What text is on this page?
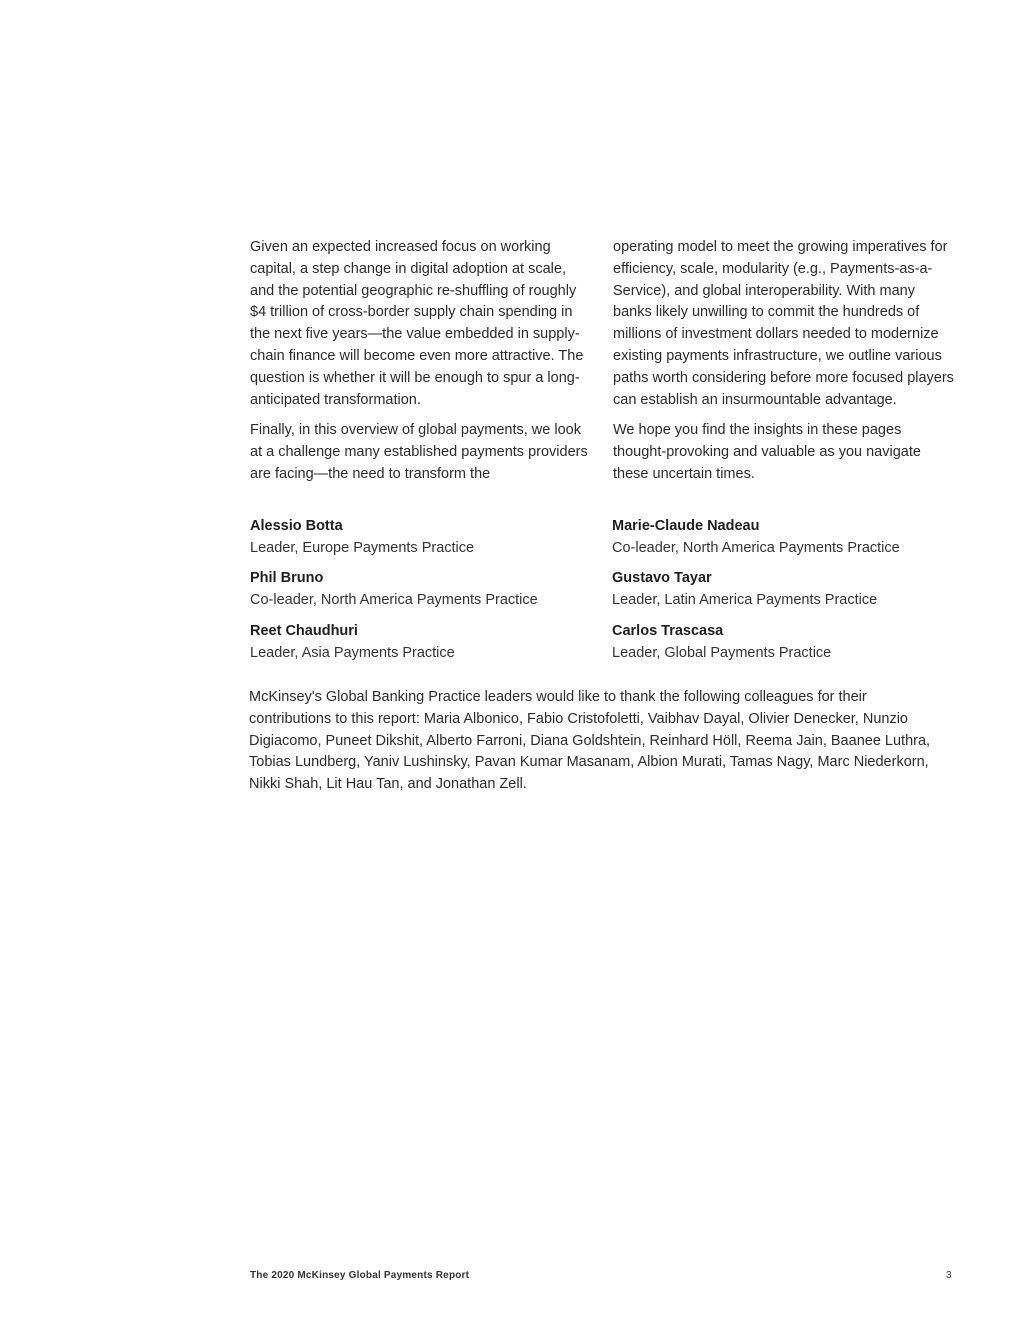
Given an expected increased focus on working capital, a step change in digital adoption at scale, and the potential geographic re-shuffling of roughly $4 trillion of cross-border supply chain spending in the next five years—the value embedded in supply-chain finance will become even more attractive. The question is whether it will be enough to spur a long-anticipated transformation.

Finally, in this overview of global payments, we look at a challenge many established payments providers are facing—the need to transform the

operating model to meet the growing imperatives for efficiency, scale, modularity (e.g., Payments-as-a-Service), and global interoperability. With many banks likely unwilling to commit the hundreds of millions of investment dollars needed to modernize existing payments infrastructure, we outline various paths worth considering before more focused players can establish an insurmountable advantage.

We hope you find the insights in these pages thought-provoking and valuable as you navigate these uncertain times.

Alessio Botta
Leader, Europe Payments Practice
Marie-Claude Nadeau
Co-leader, North America Payments Practice
Phil Bruno
Co-leader, North America Payments Practice
Gustavo Tayar
Leader, Latin America Payments Practice
Reet Chaudhuri
Leader, Asia Payments Practice
Carlos Trascasa
Leader, Global Payments Practice

McKinsey's Global Banking Practice leaders would like to thank the following colleagues for their contributions to this report: Maria Albonico, Fabio Cristofoletti, Vaibhav Dayal, Olivier Denecker, Nunzio Digiacomo, Puneet Dikshit, Alberto Farroni, Diana Goldshtein, Reinhard Höll, Reema Jain, Baanee Luthra, Tobias Lundberg, Yaniv Lushinsky, Pavan Kumar Masanam, Albion Murati, Tamas Nagy, Marc Niederkorn, Nikki Shah, Lit Hau Tan, and Jonathan Zell.

The 2020 McKinsey Global Payments Report	3
